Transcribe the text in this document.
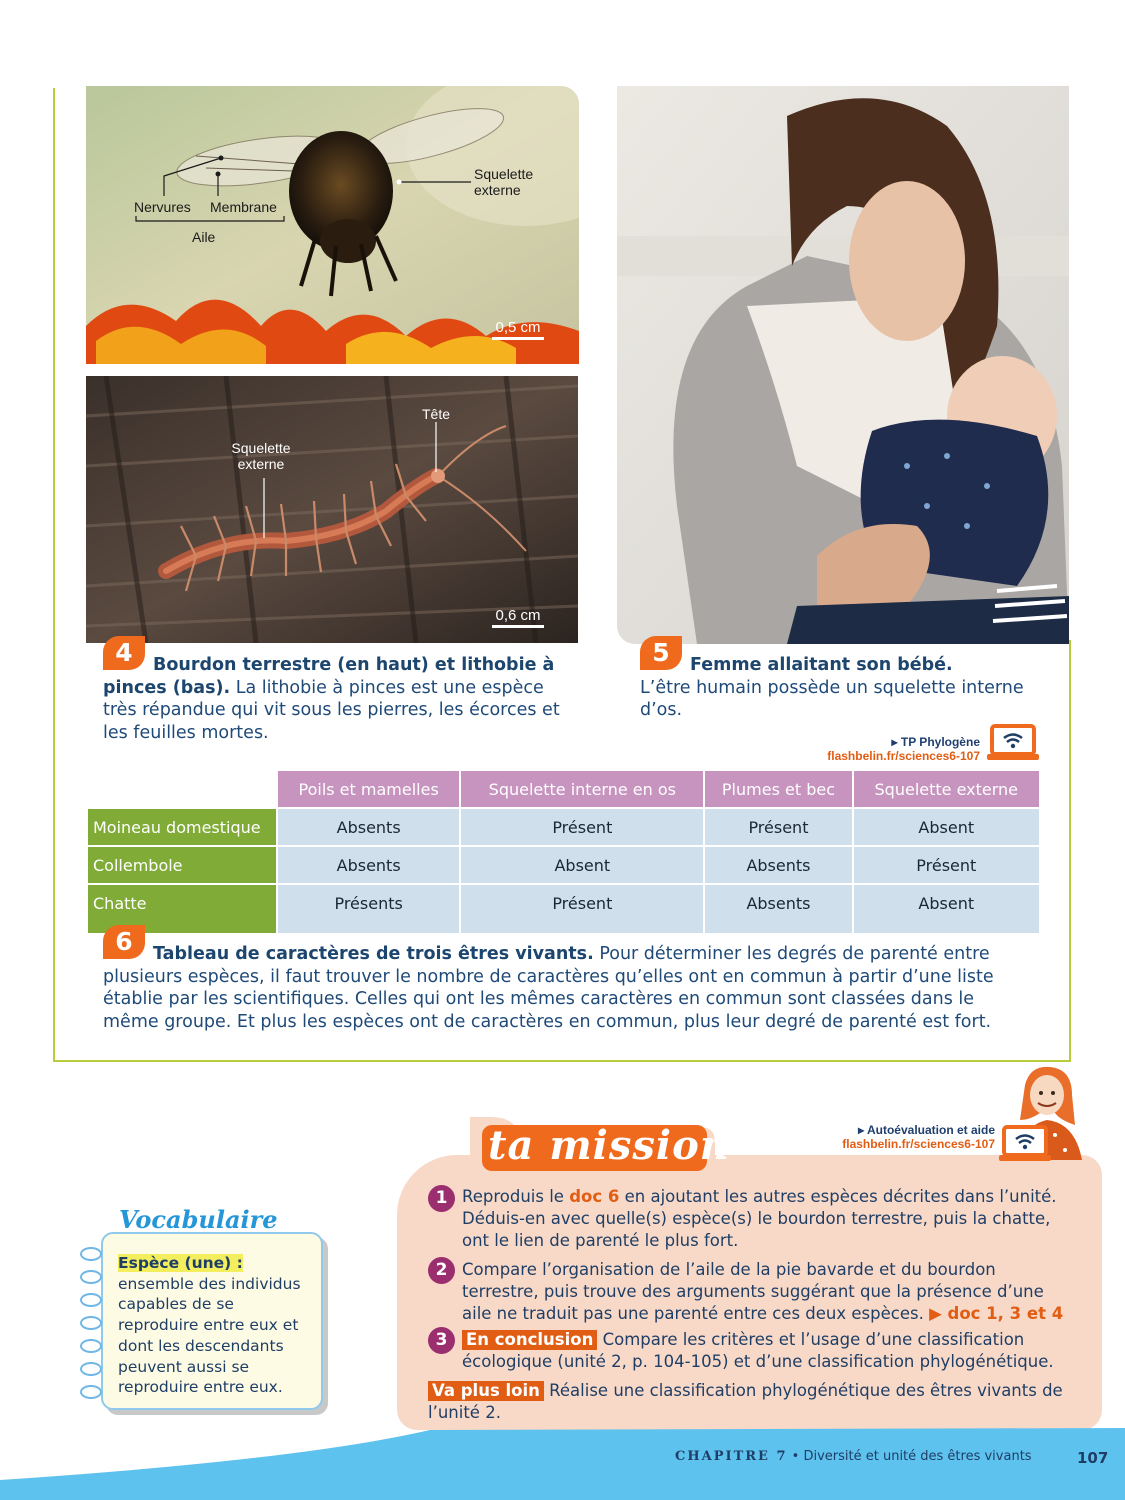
Nervures Membrane
Aile
Squelette externe
0,5 cm
Tête
Squelette externe
0,6 cm
4	Bourdon terrestre (en haut) et lithobie à pinces (bas). La lithobie à pinces est une espèce très répandue qui vit sous les pierres, les écorces et les feuilles mortes.
5	Femme allaitant son bébé.
L’être humain possède un squelette interne d’os.
▸ TP Phylogène
flashbelin.fr/sciences6-107
	Poils et mamelles	Squelette interne en os	Plumes et bec	Squelette externe
Moineau domestique	Absents	Présent	Présent	Absent
Collembole	Absents	Absent	Absents	Présent
Chatte	Présents	Présent	Absents	Absent
6	Tableau de caractères de trois êtres vivants. Pour déterminer les degrés de parenté entre plusieurs espèces, il faut trouver le nombre de caractères qu’elles ont en commun à partir d’une liste établie par les scientifiques. Celles qui ont les mêmes caractères en commun sont classées dans le même groupe. Et plus les espèces ont de caractères en commun, plus leur degré de parenté est fort.
ta mission	▸ Autoévaluation et aide
flashbelin.fr/sciences6-107
1 Reproduis le doc 6 en ajoutant les autres espèces décrites dans l’unité. Déduis-en avec quelle(s) espèce(s) le bourdon terrestre, puis la chatte, ont le lien de parenté le plus fort.
2 Compare l’organisation de l’aile de la pie bavarde et du bourdon terrestre, puis trouve des arguments suggérant que la présence d’une aile ne traduit pas une parenté entre ces deux espèces. ▶ doc 1, 3 et 4
3	En conclusion Compare les critères et l’usage d’une classification écologique (unité 2, p. 104-105) et d’une classification phylogénétique.
Va plus loin Réalise une classification phylogénétique des êtres vivants de l’unité 2.
Vocabulaire
Espèce (une) : ensemble des individus capables de se reproduire entre eux et dont les descendants peuvent aussi se reproduire entre eux.
CHAPITRE 7 • Diversité et unité des êtres vivants	107
